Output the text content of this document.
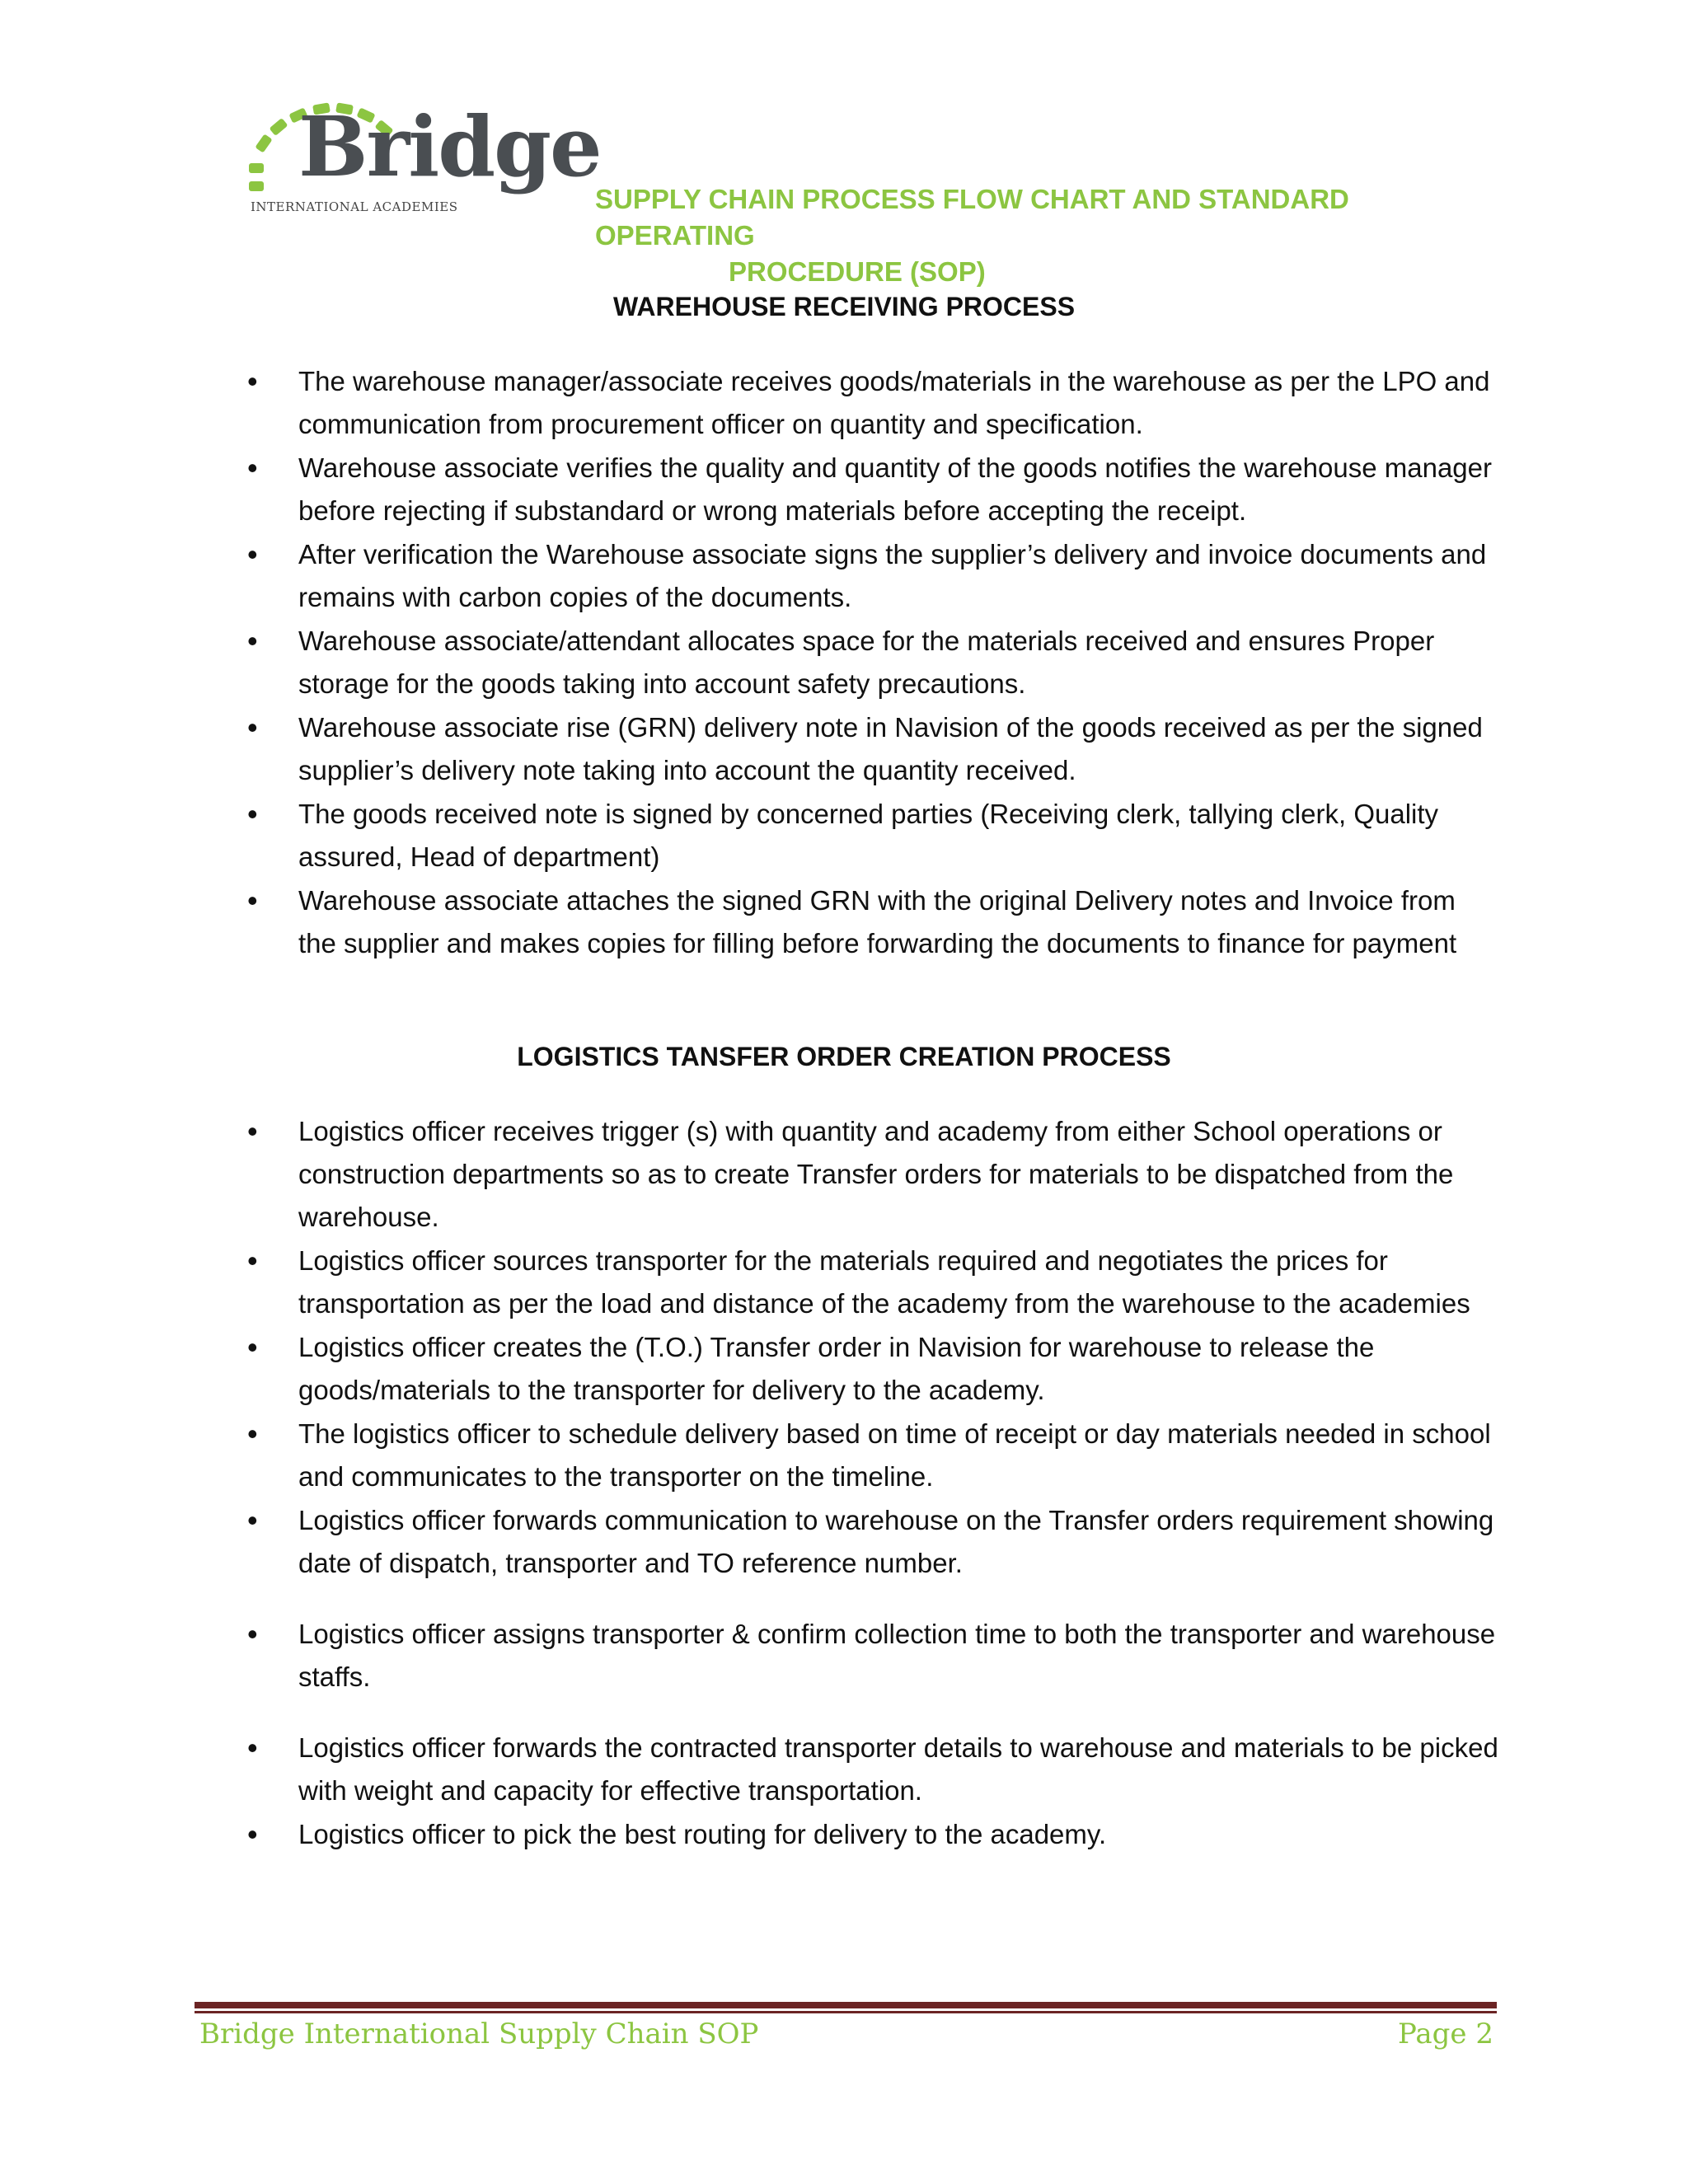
Bridge
INTERNATIONAL ACADEMIES	SUPPLY CHAIN PROCESS FLOW CHART AND STANDARD OPERATING
PROCEDURE (SOP)
WAREHOUSE RECEIVING PROCESS
• The warehouse manager/associate receives goods/materials in the warehouse as per the LPO and communication from procurement officer on quantity and specification.
• Warehouse associate verifies the quality and quantity of the goods notifies the warehouse manager before rejecting if substandard or wrong materials before accepting the receipt.
• After verification the Warehouse associate signs the supplier’s delivery and invoice documents and remains with carbon copies of the documents.
• Warehouse associate/attendant allocates space for the materials received and ensures Proper storage for the goods taking into account safety precautions.
• Warehouse associate rise (GRN) delivery note in Navision of the goods received as per the signed supplier’s delivery note taking into account the quantity received.
• The goods received note is signed by concerned parties (Receiving clerk, tallying clerk, Quality assured, Head of department)
• Warehouse associate attaches the signed GRN with the original Delivery notes and Invoice from the supplier and makes copies for filling before forwarding the documents to finance for payment
LOGISTICS TANSFER ORDER CREATION PROCESS
• Logistics officer receives trigger (s) with quantity and academy from either School operations or construction departments so as to create Transfer orders for materials to be dispatched from the warehouse.
• Logistics officer sources transporter for the materials required and negotiates the prices for transportation as per the load and distance of the academy from the warehouse to the academies
• Logistics officer creates the (T.O.) Transfer order in Navision for warehouse to release the goods/materials to the transporter for delivery to the academy.
• The logistics officer to schedule delivery based on time of receipt or day materials needed in school and communicates to the transporter on the timeline.
• Logistics officer forwards communication to warehouse on the Transfer orders requirement showing date of dispatch, transporter and TO reference number.
• Logistics officer assigns transporter & confirm collection time to both the transporter and warehouse staffs.
• Logistics officer forwards the contracted transporter details to warehouse and materials to be picked with weight and capacity for effective transportation.
• Logistics officer to pick the best routing for delivery to the academy.
Bridge International Supply Chain SOP	Page 2
